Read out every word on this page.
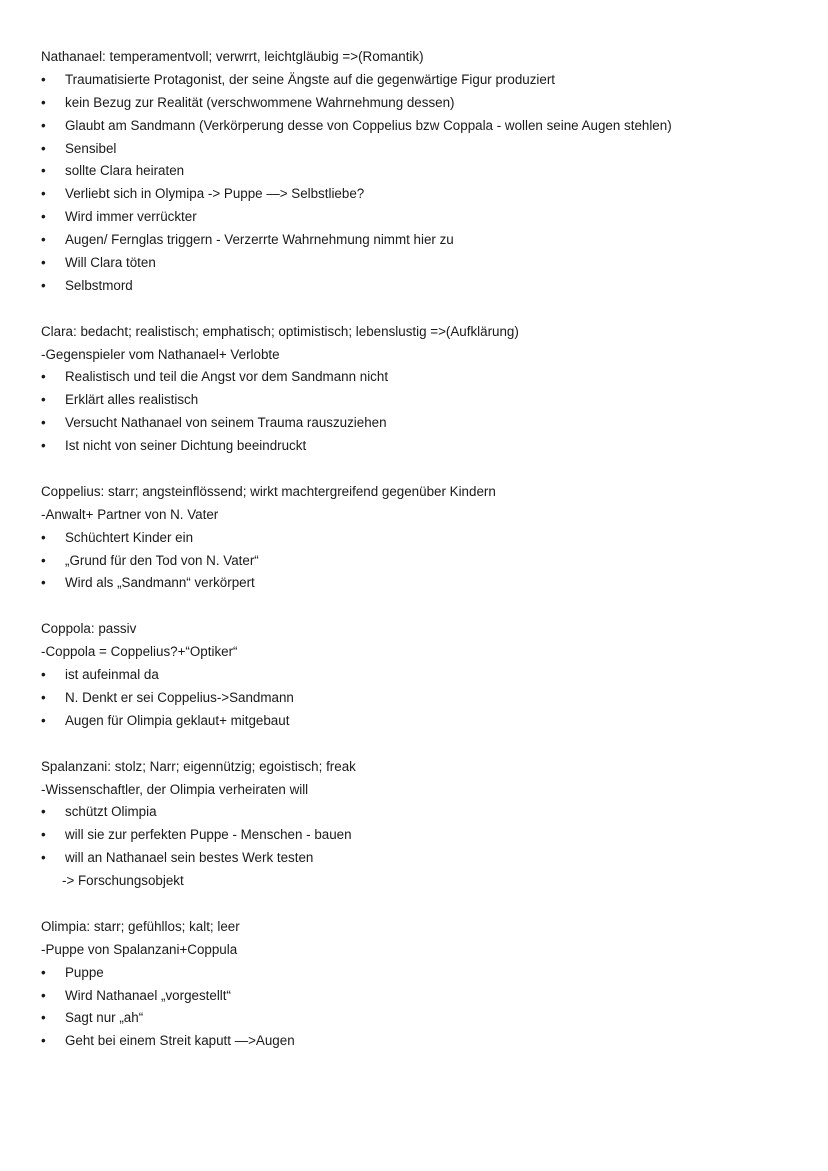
Nathanael: temperamentvoll; verwrrt, leichtgläubig =>(Romantik)
•	Traumatisierte Protagonist, der seine Ängste auf die gegenwärtige Figur produziert
•	kein Bezug zur Realität (verschwommene Wahrnehmung dessen)
•	Glaubt am Sandmann (Verkörperung desse von Coppelius bzw Coppala - wollen seine Augen stehlen)
•	Sensibel
•	sollte Clara heiraten
•	Verliebt sich in Olymipa -> Puppe —> Selbstliebe?
•	Wird immer verrückter
•	Augen/ Fernglas triggern - Verzerrte Wahrnehmung nimmt hier zu
•	Will Clara töten
•	Selbstmord
Clara: bedacht; realistisch; emphatisch; optimistisch; lebenslustig =>(Aufklärung)
-Gegenspieler vom Nathanael+ Verlobte
•	Realistisch und teil die Angst vor dem Sandmann nicht
•	Erklärt alles realistisch
•	Versucht Nathanael von seinem Trauma rauszuziehen
•	Ist nicht von seiner Dichtung beeindruckt
Coppelius: starr; angsteinflössend; wirkt machtergreifend gegenüber Kindern
-Anwalt+ Partner von N. Vater
•	Schüchtert Kinder ein
•	„Grund für den Tod von N. Vater“
•	Wird als „Sandmann“ verkörpert
Coppola: passiv
-Coppola = Coppelius?+“Optiker“
•	ist aufeinmal da
•	N. Denkt er sei Coppelius->Sandmann
•	Augen für Olimpia geklaut+ mitgebaut
Spalanzani: stolz; Narr; eigennützig; egoistisch; freak
-Wissenschaftler, der Olimpia verheiraten will
•	schützt Olimpia
•	will sie zur perfekten Puppe - Menschen - bauen
•	will an Nathanael sein bestes Werk testen
-> Forschungsobjekt
Olimpia: starr; gefühllos; kalt; leer
-Puppe von Spalanzani+Coppula
•	Puppe
•	Wird Nathanael „vorgestellt“
•	Sagt nur „ah“
•	Geht bei einem Streit kaputt —>Augen
